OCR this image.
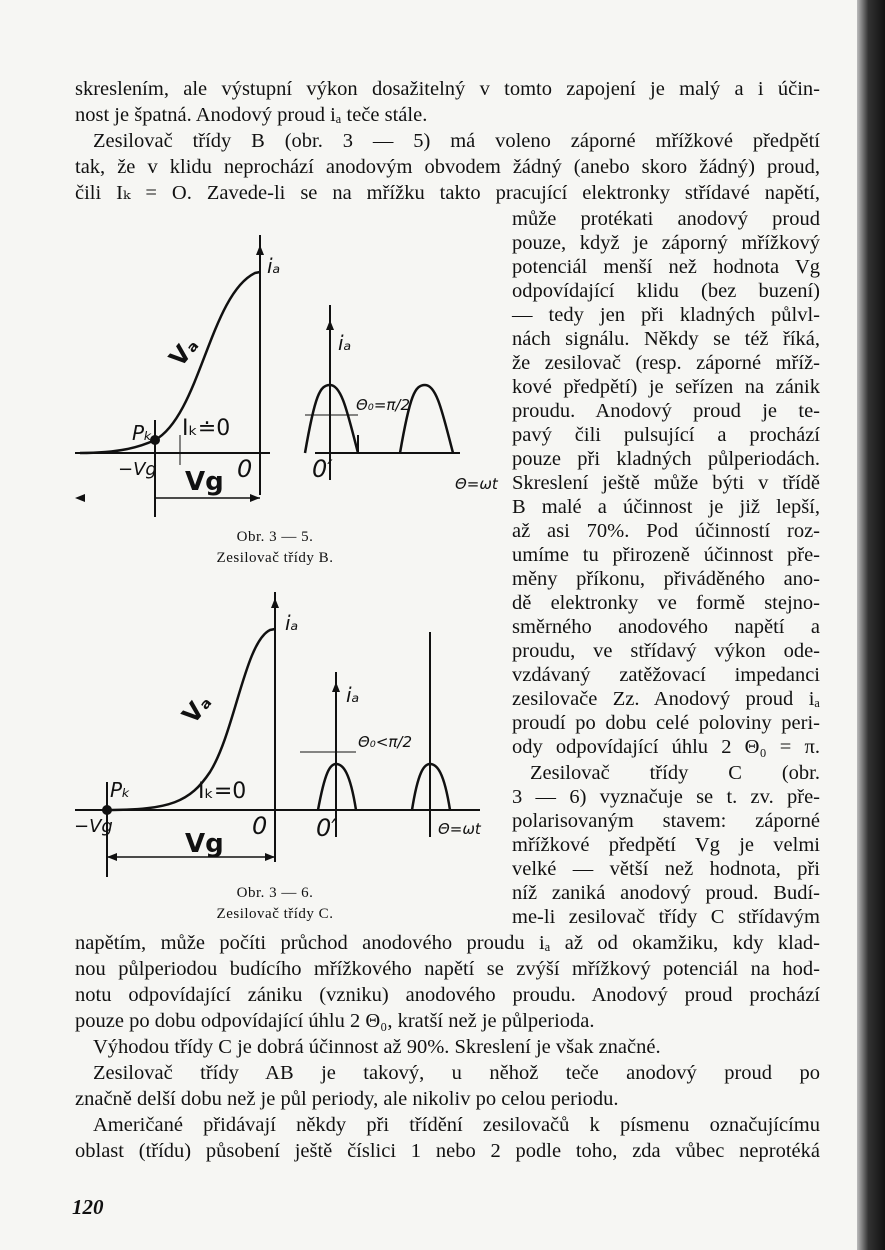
skreslením, ale výstupní výkon dosažitelný v tomto zapojení je malý a i účin-
nost je špatná. Anodový proud iₐ teče stále.
Zesilovač třídy B (obr. 3 — 5) má voleno záporné mřížkové předpětí
tak, že v klidu neprochází anodovým obvodem žádný (anebo skoro žádný) proud,
čili Iₖ = O. Zavede-li se na mřížku takto pracující elektronky střídavé napětí,
může protékati anodový proud
pouze, když je záporný mřížkový
potenciál menší než hodnota Vg
odpovídající klidu (bez buzení)
— tedy jen při kladných půlvl-
nách signálu. Někdy se též říká,
že zesilovač (resp. záporné mříž-
kové předpětí) je seřízen na zánik
proudu. Anodový proud je te-
pavý čili pulsující a prochází
pouze při kladných půlperiodách.
Skreslení ještě může býti v třídě
B malé a účinnost je již lepší,
až asi 70%. Pod účinností roz-
umíme tu přirozeně účinnost pře-
měny příkonu, přiváděného ano-
dě elektronky ve formě stejno-
směrného anodového napětí a
proudu, ve střídavý výkon ode-
vzdávaný zatěžovací impedanci
zesilovače Zz. Anodový proud iₐ
proudí po dobu celé poloviny peri-
ody odpovídající úhlu 2 Θ₀ = π.
Zesilovač třídy C (obr.
3 — 6) vyznačuje se t. zv. pře-
polarisovaným stavem: záporné
mřížkové předpětí Vg je velmi
velké — větší než hodnota, při
níž zaniká anodový proud. Budí-
me-li zesilovač třídy C střídavým
napětím, může počíti průchod anodového proudu iₐ až od okamžiku, kdy klad-
nou půlperiodou budícího mřížkového napětí se zvýší mřížkový potenciál na hod-
notu odpovídající zániku (vzniku) anodového proudu. Anodový proud prochází
pouze po dobu odpovídající úhlu 2 Θ₀, kratší než je půlperioda.
Výhodou třídy C je dobrá účinnost až 90%. Skreslení je však značné.
Zesilovač třídy AB je takový, u něhož teče anodový proud po
značně delší dobu než je půl periody, ale nikoliv po celou periodu.
Američané přidávají někdy při třídění zesilovačů k písmenu označujícímu
oblast (třídu) působení ještě číslici 1 nebo 2 podle toho, zda vůbec neprotéká
iₐ
iₐ
Vₐ
Pₖ Iₖ≐0
−Vg Vg 0 0′
Θ₀=π/2
Θ=ωt
Obr. 3 — 5.
Zesilovač třídy B.
iₐ
iₐ
Vₐ
Pₖ	Iₖ=0
−Vg
Vg
0 0′
Θ₀<π/2
Θ=ωt
Obr. 3 — 6.
Zesilovač třídy C.
120
